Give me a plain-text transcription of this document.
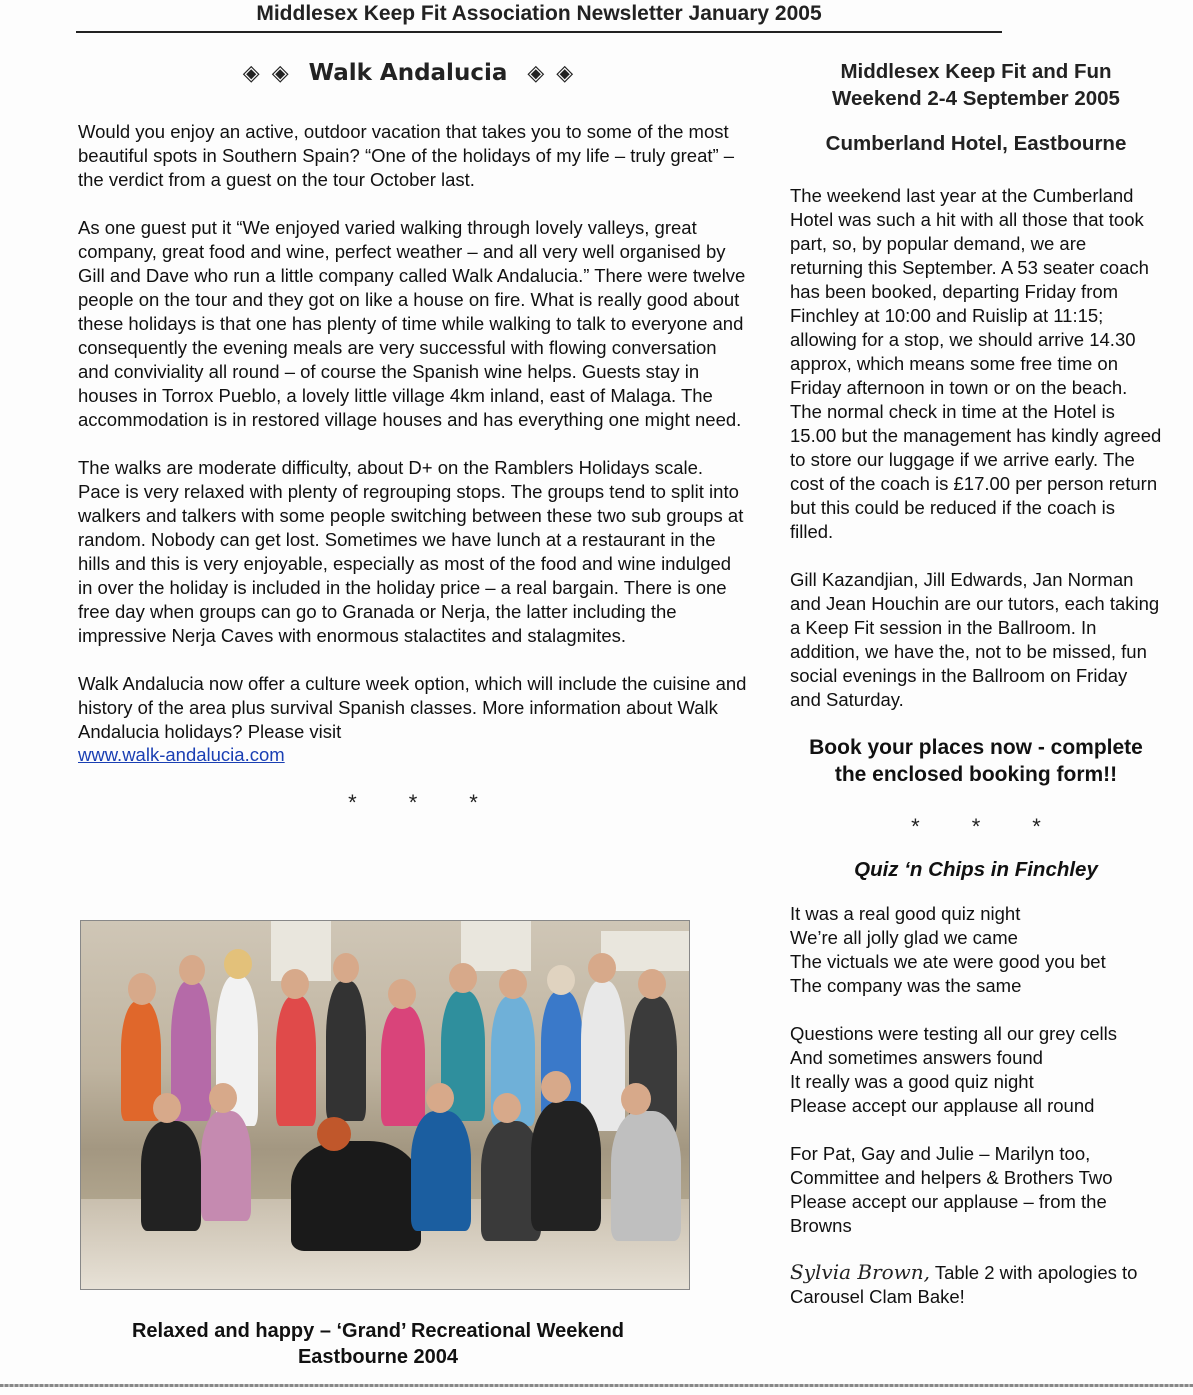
Middlesex Keep Fit Association Newsletter January 2005
◈ ◈ Walk Andalucia ◈ ◈

Would you enjoy an active, outdoor vacation that takes you to some of the most beautiful spots in Southern Spain? “One of the holidays of my life – truly great” – the verdict from a guest on the tour October last.

As one guest put it “We enjoyed varied walking through lovely valleys, great company, great food and wine, perfect weather – and all very well organised by Gill and Dave who run a little company called Walk Andalucia.” There were twelve people on the tour and they got on like a house on fire. What is really good about these holidays is that one has plenty of time while walking to talk to everyone and consequently the evening meals are very successful with flowing conversation and conviviality all round – of course the Spanish wine helps. Guests stay in houses in Torrox Pueblo, a lovely little village 4km inland, east of Malaga. The accommodation is in restored village houses and has everything one might need.

The walks are moderate difficulty, about D+ on the Ramblers Holidays scale. Pace is very relaxed with plenty of regrouping stops. The groups tend to split into walkers and talkers with some people switching between these two sub groups at random. Nobody can get lost. Sometimes we have lunch at a restaurant in the hills and this is very enjoyable, especially as most of the food and wine indulged in over the holiday is included in the holiday price – a real bargain. There is one free day when groups can go to Granada or Nerja, the latter including the impressive Nerja Caves with enormous stalactites and stalagmites.

Walk Andalucia now offer a culture week option, which will include the cuisine and history of the area plus survival Spanish classes. More information about Walk Andalucia holidays? Please visit

www.walk-andalucia.com
* * *
Relaxed and happy – ‘Grand’ Recreational Weekend
Eastbourne 2004
Middlesex Keep Fit and Fun
Weekend 2-4 September 2005
Cumberland Hotel, Eastbourne

The weekend last year at the Cumberland Hotel was such a hit with all those that took part, so, by popular demand, we are returning this September. A 53 seater coach has been booked, departing Friday from Finchley at 10:00 and Ruislip at 11:15; allowing for a stop, we should arrive 14.30 approx, which means some free time on Friday afternoon in town or on the beach. The normal check in time at the Hotel is 15.00 but the management has kindly agreed to store our luggage if we arrive early. The cost of the coach is £17.00 per person return but this could be reduced if the coach is filled.

Gill Kazandjian, Jill Edwards, Jan Norman and Jean Houchin are our tutors, each taking a Keep Fit session in the Ballroom. In addition, we have the, not to be missed, fun social evenings in the Ballroom on Friday and Saturday.

Book your places now - complete
the enclosed booking form!!
* * *
Quiz ‘n Chips in Finchley

It was a real good quiz night

We’re all jolly glad we came

The victuals we ate were good you bet

The company was the same

Questions were testing all our grey cells

And sometimes answers found

It really was a good quiz night

Please accept our applause all round

For Pat, Gay and Julie – Marilyn too,

Committee and helpers & Brothers Two

Please accept our applause – from the

Browns

Sylvia Brown, Table 2 with apologies to

Carousel Clam Bake!
